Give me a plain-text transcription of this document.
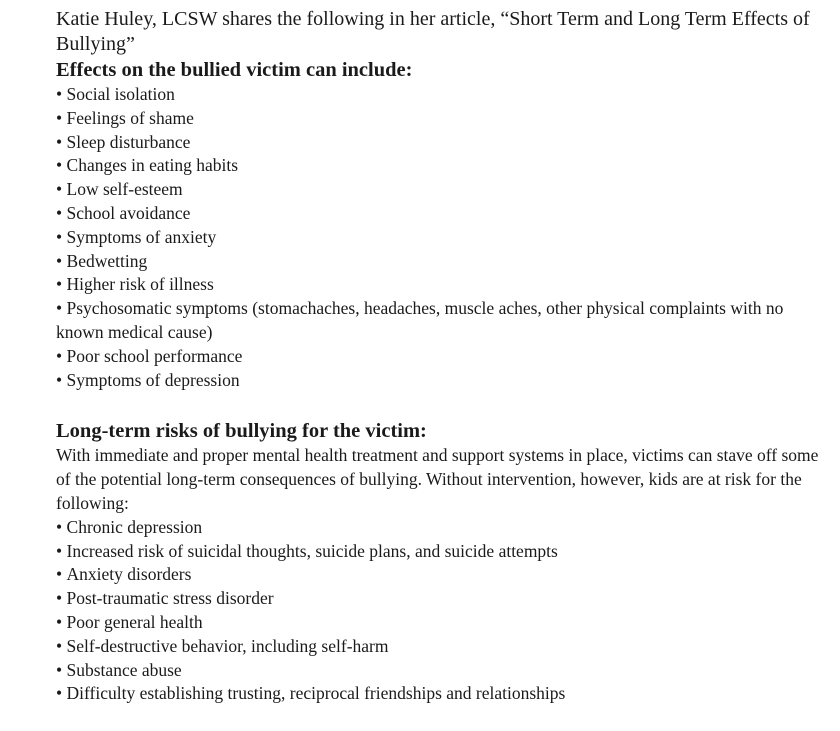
Katie Huley, LCSW shares the following in her article, “Short Term and Long Term Effects of Bullying”

Effects on the bullied victim can include:
• Social isolation
• Feelings of shame
• Sleep disturbance
• Changes in eating habits
• Low self-esteem
• School avoidance
• Symptoms of anxiety
• Bedwetting
• Higher risk of illness
• Psychosomatic symptoms (stomachaches, headaches, muscle aches, other physical complaints with no known medical cause)
• Poor school performance
• Symptoms of depression
Long-term risks of bullying for the victim:

With immediate and proper mental health treatment and support systems in place, victims can stave off some of the potential long-term consequences of bullying. Without intervention, however, kids are at risk for the following:

• Chronic depression
• Increased risk of suicidal thoughts, suicide plans, and suicide attempts
• Anxiety disorders
• Post-traumatic stress disorder
• Poor general health
• Self-destructive behavior, including self-harm
• Substance abuse
• Difficulty establishing trusting, reciprocal friendships and relationships
